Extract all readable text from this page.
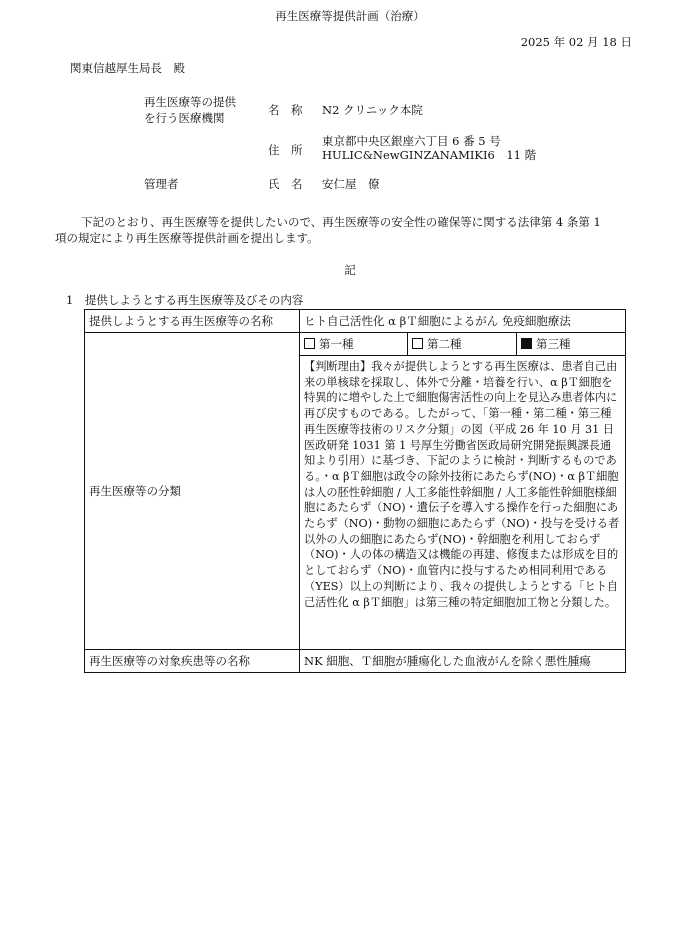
再生医療等提供計画（治療）
2025 年 02 月 18 日
関東信越厚生局長　殿
再生医療等の提供
を行う医療機関
名　称 N2 クリニック本院
住　所
東京都中央区銀座六丁目 6 番 5 号
HULIC&NewGINZANAMIKI6　11 階
管理者	氏　名 安仁屋　僚
下記のとおり、再生医療等を提供したいので、再生医療等の安全性の確保等に関する法律第 4 条第 1
項の規定により再生医療等提供計画を提出します。
記
1　提供しようとする再生医療等及びその内容
提供しようとする再生医療等の名称	ヒト自己活性化 α βＴ細胞によるがん 免疫細胞療法		
再生医療等の分類	第一種	第二種	第三種
	【判断理由】我々が提供しようとする再生医療は、患者自己由来の単核球を採取し、体外で分離・培養を行い、α βＴ細胞を特異的に増やした上で細胞傷害活性の向上を見込み患者体内に再び戻すものである。したがって、｢第一種・第二種・第三種再生医療等技術のリスク分類」の図（平成 26 年 10 月 31 日医政研発 1031 第 1 号厚生労働省医政局研究開発振興課長通知より引用）に基づき、下記のように検討・判断するものである。・α βＴ細胞は政令の除外技術にあたらず(NO)・α βＴ細胞は人の胚性幹細胞 / 人工多能性幹細胞 / 人工多能性幹細胞様細胞にあたらず（NO)・遺伝子を導入する操作を行った細胞にあたらず（NO)・動物の細胞にあたらず（NO)・投与を受ける者以外の人の細胞にあたらず(NO)・幹細胞を利用しておらず（NO)・人の体の構造又は機能の再建、修復または形成を目的としておらず（NO)・血管内に投与するため相同利用である（YES）以上の判断により、我々の提供しようとする「ヒト自己活性化 α βＴ細胞」は第三種の特定細胞加工物と分類した。		
再生医療等の対象疾患等の名称	NK 細胞、Ｔ細胞が腫瘍化した血液がんを除く悪性腫瘍		
